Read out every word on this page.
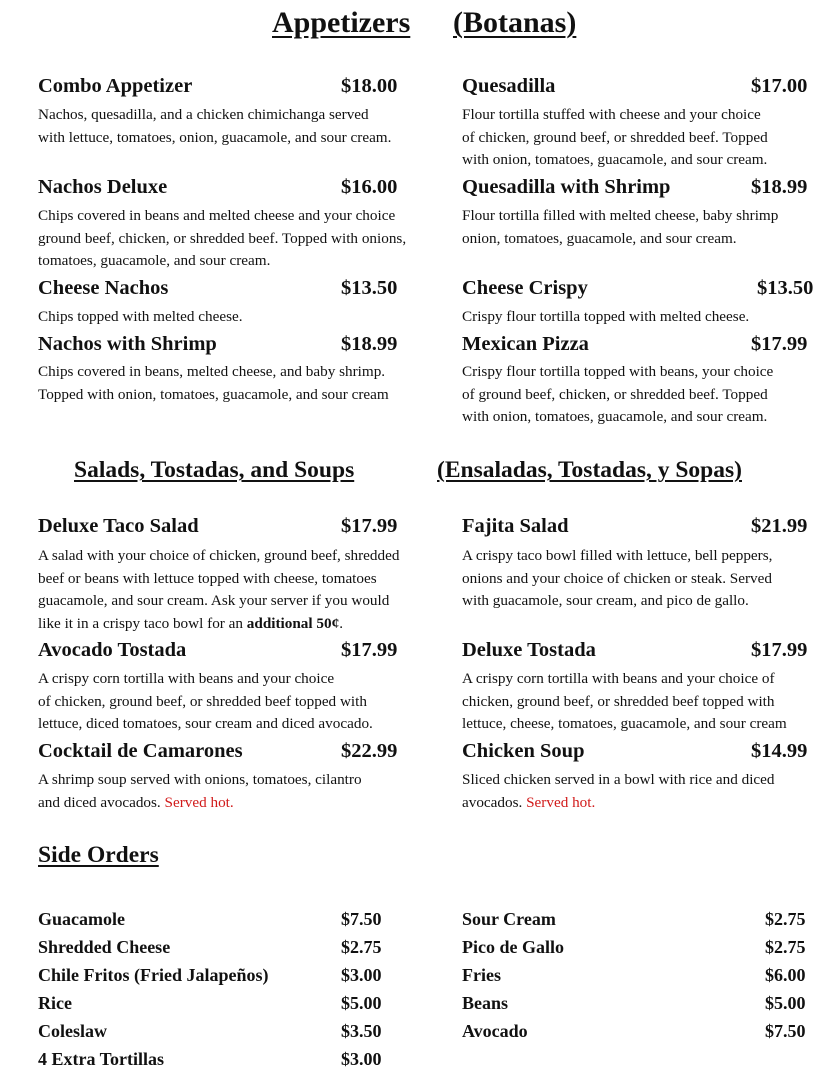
Appetizers (Botanas)
Salads, Tostadas, and Soups	(Ensaladas, Tostadas, y Sopas)
Side Orders
Combo Appetizer	$18.00
Nachos, quesadilla, and a chicken chimichanga served
with lettuce, tomatoes, onion, guacamole, and sour cream.
Quesadilla	$17.00
Flour tortilla stuffed with cheese and your choice
of chicken, ground beef, or shredded beef. Topped
with onion, tomatoes, guacamole, and sour cream.
Nachos Deluxe	$16.00
Chips covered in beans and melted cheese and your choice
ground beef, chicken, or shredded beef. Topped with onions,
tomatoes, guacamole, and sour cream.
Quesadilla with Shrimp	$18.99
Flour tortilla filled with melted cheese, baby shrimp
onion, tomatoes, guacamole, and sour cream.
Cheese Nachos	$13.50
Chips topped with melted cheese.
Cheese Crispy	$13.50
Crispy flour tortilla topped with melted cheese.
Nachos with Shrimp	$18.99
Chips covered in beans, melted cheese, and baby shrimp.
Topped with onion, tomatoes, guacamole, and sour cream
Mexican Pizza	$17.99
Crispy flour tortilla topped with beans, your choice
of ground beef, chicken, or shredded beef. Topped
with onion, tomatoes, guacamole, and sour cream.
Deluxe Taco Salad	$17.99
A salad with your choice of chicken, ground beef, shredded
beef or beans with lettuce topped with cheese, tomatoes
guacamole, and sour cream. Ask your server if you would
like it in a crispy taco bowl for an additional 50¢.
Fajita Salad	$21.99
A crispy taco bowl filled with lettuce, bell peppers,
onions and your choice of chicken or steak. Served
with guacamole, sour cream, and pico de gallo.
Avocado Tostada	$17.99
A crispy corn tortilla with beans and your choice
of chicken, ground beef, or shredded beef topped with
lettuce, diced tomatoes, sour cream and diced avocado.
Deluxe Tostada	$17.99
A crispy corn tortilla with beans and your choice of
chicken, ground beef, or shredded beef topped with
lettuce, cheese, tomatoes, guacamole, and sour cream
Cocktail de Camarones	$22.99
A shrimp soup served with onions, tomatoes, cilantro
and diced avocados. Served hot.
Chicken Soup	$14.99
Sliced chicken served in a bowl with rice and diced
avocados. Served hot.
Guacamole	$7.50
Shredded Cheese	$2.75
Chile Fritos (Fried Jalapeños)	$3.00
Rice	$5.00
Coleslaw	$3.50
4 Extra Tortillas	$3.00
Sour Cream	$2.75
Pico de Gallo	$2.75
Fries	$6.00
Beans	$5.00
Avocado	$7.50
